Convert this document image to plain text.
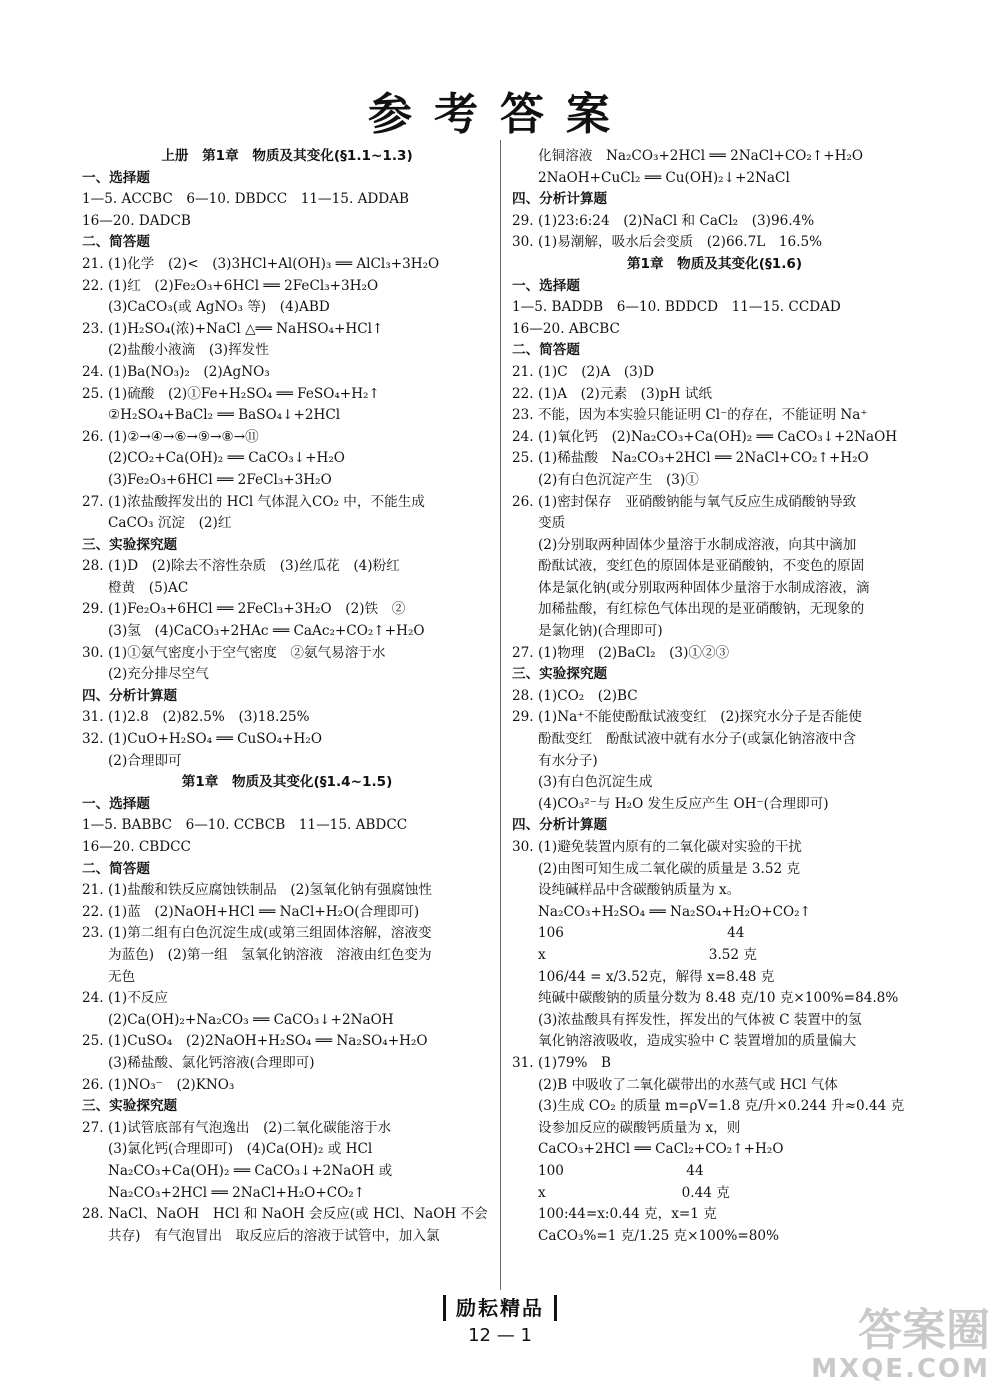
参考答案
上册　第1章　物质及其变化(§1.1~1.3)
一、选择题
1—5. ACCBC　6—10. DBDCC　11—15. ADDAB
16—20. DADCB
二、简答题
21. (1)化学　(2)<　(3)3HCl+Al(OH)₃ ══ AlCl₃+3H₂O
22. (1)红　(2)Fe₂O₃+6HCl ══ 2FeCl₃+3H₂O
(3)CaCO₃(或 AgNO₃ 等)　(4)ABD
23. (1)H₂SO₄(浓)+NaCl △══ NaHSO₄+HCl↑
(2)盐酸小液滴　(3)挥发性
24. (1)Ba(NO₃)₂　(2)AgNO₃
25. (1)硫酸　(2)①Fe+H₂SO₄ ══ FeSO₄+H₂↑
②H₂SO₄+BaCl₂ ══ BaSO₄↓+2HCl
26. (1)②→④→⑥→⑨→⑧→⑪
(2)CO₂+Ca(OH)₂ ══ CaCO₃↓+H₂O
(3)Fe₂O₃+6HCl ══ 2FeCl₃+3H₂O
27. (1)浓盐酸挥发出的 HCl 气体混入CO₂ 中，不能生成
CaCO₃ 沉淀　(2)红
三、实验探究题
28. (1)D　(2)除去不溶性杂质　(3)丝瓜花　(4)粉红
橙黄　(5)AC
29. (1)Fe₂O₃+6HCl ══ 2FeCl₃+3H₂O　(2)铁　②
(3)氢　(4)CaCO₃+2HAc ══ CaAc₂+CO₂↑+H₂O
30. (1)①氨气密度小于空气密度　②氨气易溶于水
(2)充分排尽空气
四、分析计算题
31. (1)2.8　(2)82.5%　(3)18.25%
32. (1)CuO+H₂SO₄ ══ CuSO₄+H₂O
(2)合理即可
第1章　物质及其变化(§1.4~1.5)
一、选择题
1—5. BABBC　6—10. CCBCB　11—15. ABDCC
16—20. CBDCC
二、简答题
21. (1)盐酸和铁反应腐蚀铁制品　(2)氢氧化钠有强腐蚀性
22. (1)蓝　(2)NaOH+HCl ══ NaCl+H₂O(合理即可)
23. (1)第二组有白色沉淀生成(或第三组固体溶解，溶液变
为蓝色)　(2)第一组　氢氧化钠溶液　溶液由红色变为
无色
24. (1)不反应
(2)Ca(OH)₂+Na₂CO₃ ══ CaCO₃↓+2NaOH
25. (1)CuSO₄　(2)2NaOH+H₂SO₄ ══ Na₂SO₄+H₂O
(3)稀盐酸、氯化钙溶液(合理即可)
26. (1)NO₃⁻　(2)KNO₃
三、实验探究题
27. (1)试管底部有气泡逸出　(2)二氧化碳能溶于水
(3)氯化钙(合理即可)　(4)Ca(OH)₂ 或 HCl
Na₂CO₃+Ca(OH)₂ ══ CaCO₃↓+2NaOH 或
Na₂CO₃+2HCl ══ 2NaCl+H₂O+CO₂↑
28. NaCl、NaOH　HCl 和 NaOH 会反应(或 HCl、NaOH 不会
共存)　有气泡冒出　取反应后的溶液于试管中，加入氯
化铜溶液　Na₂CO₃+2HCl ══ 2NaCl+CO₂↑+H₂O
2NaOH+CuCl₂ ══ Cu(OH)₂↓+2NaCl
四、分析计算题
29. (1)23:6:24　(2)NaCl 和 CaCl₂　(3)96.4%
30. (1)易潮解，吸水后会变质　(2)66.7L　16.5%
第1章　物质及其变化(§1.6)
一、选择题
1—5. BADDB　6—10. BDDCD　11—15. CCDAD
16—20. ABCBC
二、简答题
21. (1)C　(2)A　(3)D
22. (1)A　(2)元素　(3)pH 试纸
23. 不能，因为本实验只能证明 Cl⁻的存在，不能证明 Na⁺
24. (1)氧化钙　(2)Na₂CO₃+Ca(OH)₂ ══ CaCO₃↓+2NaOH
25. (1)稀盐酸　Na₂CO₃+2HCl ══ 2NaCl+CO₂↑+H₂O
(2)有白色沉淀产生　(3)①
26. (1)密封保存　亚硝酸钠能与氧气反应生成硝酸钠导致
变质
(2)分别取两种固体少量溶于水制成溶液，向其中滴加
酚酞试液，变红色的原固体是亚硝酸钠，不变色的原固
体是氯化钠(或分别取两种固体少量溶于水制成溶液，滴
加稀盐酸，有红棕色气体出现的是亚硝酸钠，无现象的
是氯化钠)(合理即可)
27. (1)物理　(2)BaCl₂　(3)①②③
三、实验探究题
28. (1)CO₂　(2)BC
29. (1)Na⁺不能使酚酞试液变红　(2)探究水分子是否能使
酚酞变红　酚酞试液中就有水分子(或氯化钠溶液中含
有水分子)
(3)有白色沉淀生成
(4)CO₃²⁻与 H₂O 发生反应产生 OH⁻(合理即可)
四、分析计算题
30. (1)避免装置内原有的二氧化碳对实验的干扰
(2)由图可知生成二氧化碳的质量是 3.52 克
设纯碱样品中含碳酸钠质量为 x。
Na₂CO₃+H₂SO₄ ══ Na₂SO₄+H₂O+CO₂↑
106　　　　　　　　　　　　44
x　　　　　　　　　　　　3.52 克
106/44 = x/3.52克，解得 x=8.48 克
纯碱中碳酸钠的质量分数为 8.48 克/10 克×100%=84.8%
(3)浓盐酸具有挥发性，挥发出的气体被 C 装置中的氢
氧化钠溶液吸收，造成实验中 C 装置增加的质量偏大
31. (1)79%　B
(2)B 中吸收了二氧化碳带出的水蒸气或 HCl 气体
(3)生成 CO₂ 的质量 m=ρV=1.8 克/升×0.244 升≈0.44 克
设参加反应的碳酸钙质量为 x，则
CaCO₃+2HCl ══ CaCl₂+CO₂↑+H₂O
100　　　　　　　　　44
x　　　　　　　　　　0.44 克
100:44=x:0.44 克，x=1 克
CaCO₃%=1 克/1.25 克×100%=80%
励耘精品
12 — 1	答案圈
MXQE.COM
